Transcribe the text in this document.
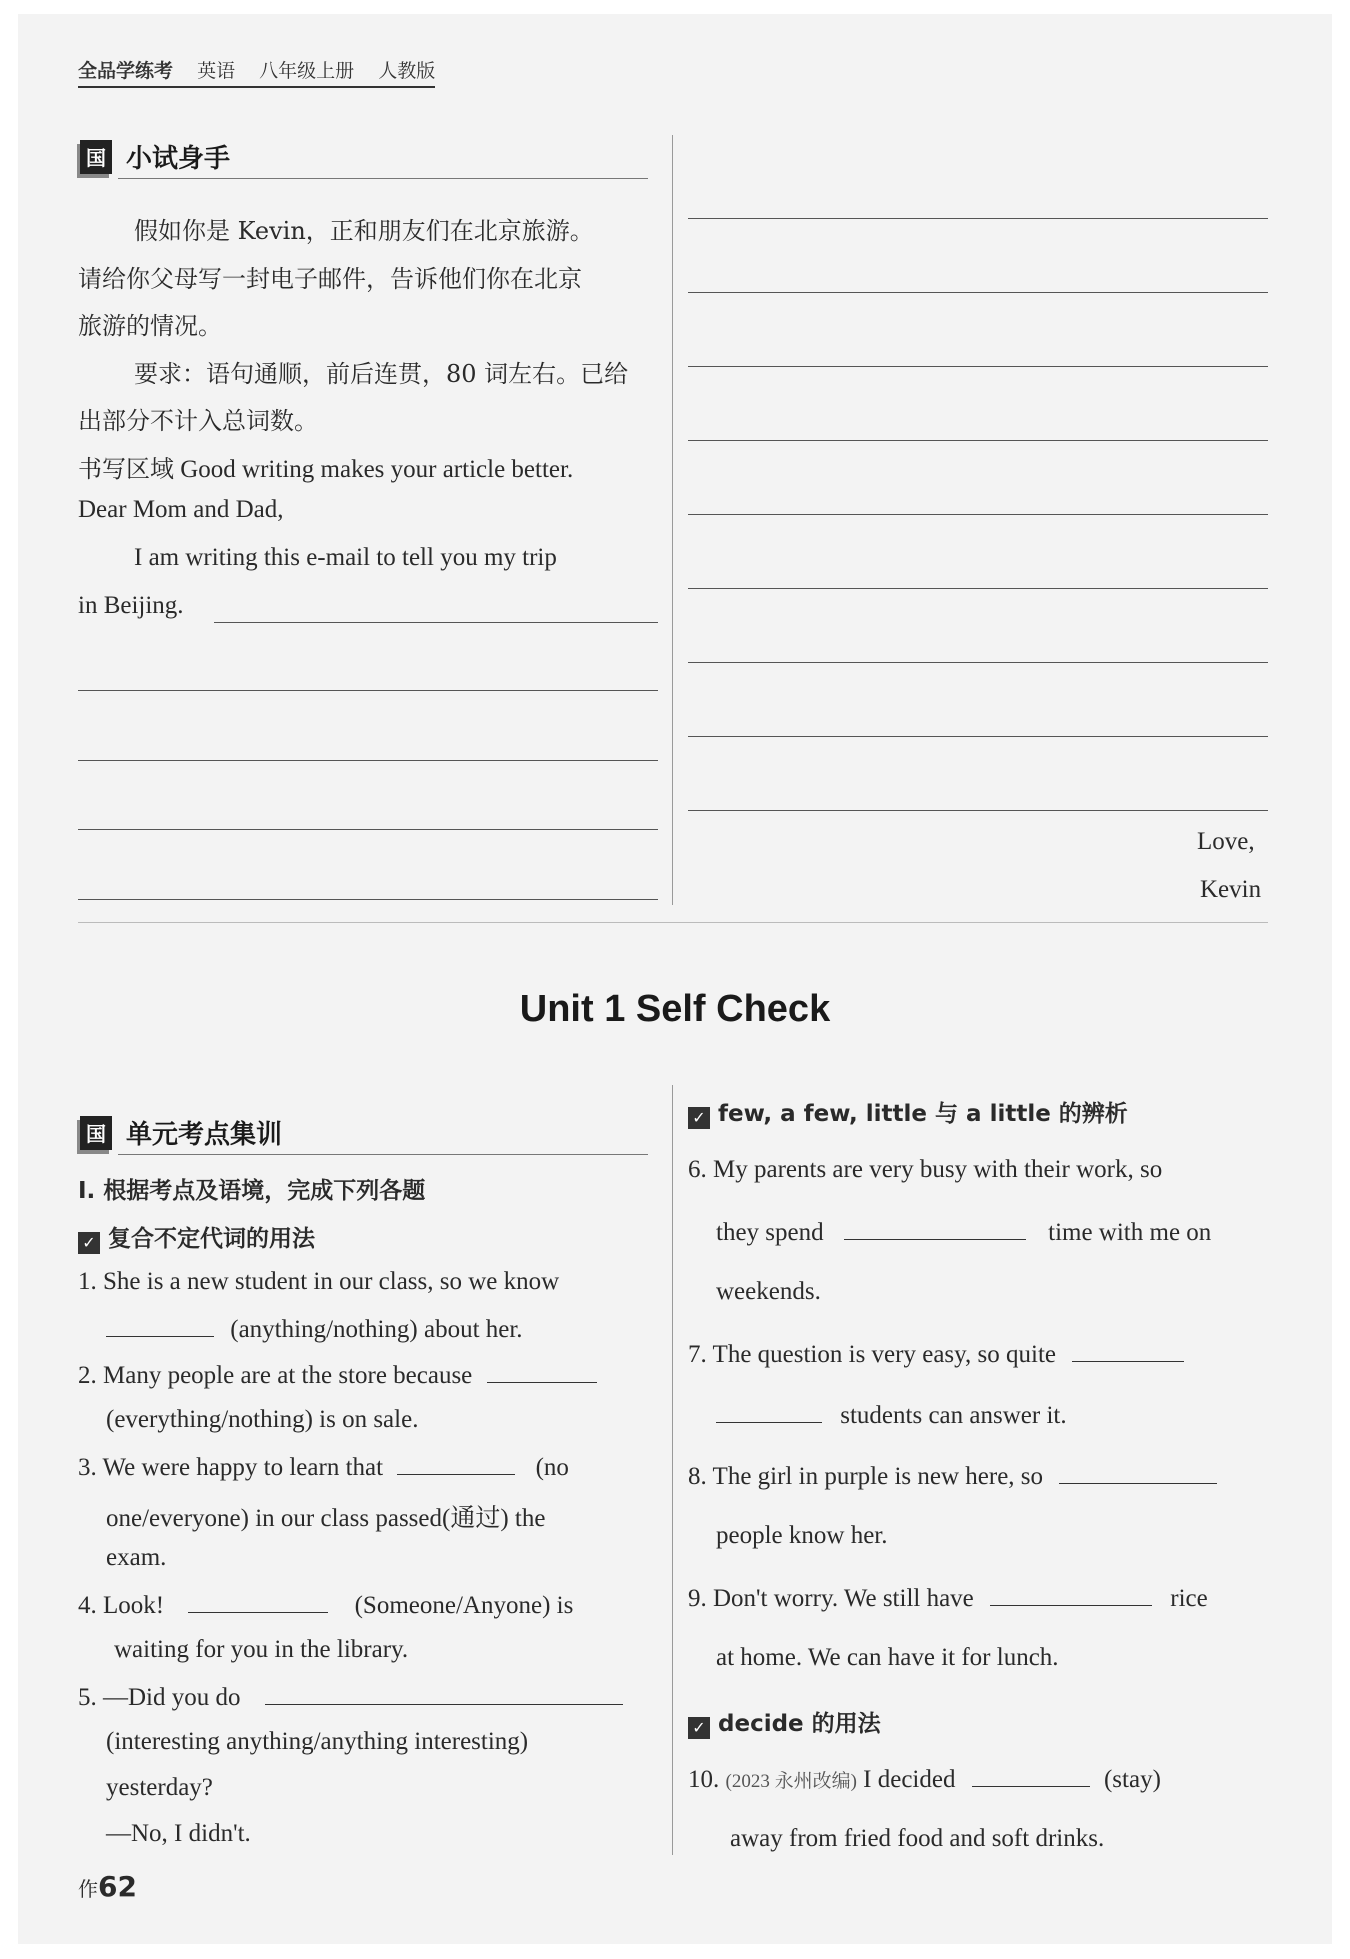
全品学练考 英语 八年级上册 人教版
国 小试身手
假如你是 Kevin，正和朋友们在北京旅游。
请给你父母写一封电子邮件，告诉他们你在北京
旅游的情况。
要求：语句通顺，前后连贯，80 词左右。已给
出部分不计入总词数。
书写区域 Good writing makes your article better.
Dear Mom and Dad,
I am writing this e-mail to tell you my trip
in Beijing.
Love,
Kevin
Unit 1 Self Check
国 单元考点集训
Ⅰ. 根据考点及语境，完成下列各题
✓ 复合不定代词的用法
1. She is a new student in our class, so we know
(anything/nothing) about her.
2. Many people are at the store because
(everything/nothing) is on sale.
3. We were happy to learn that	(no
one/everyone) in our class passed(通过) the
exam.
4. Look!	(Someone/Anyone) is
waiting for you in the library.
5. —Did you do
(interesting anything/anything interesting)
yesterday?
—No, I didn't.
✓ few, a few, little 与 a little 的辨析
6. My parents are very busy with their work, so
they spend	time with me on
weekends.
7. The question is very easy, so quite
students can answer it.
8. The girl in purple is new here, so
people know her.
9. Don't worry. We still have	rice
at home. We can have it for lunch.
✓ decide 的用法
10. (2023 永州改编) I decided	(stay)
away from fried food and soft drinks.
作62
